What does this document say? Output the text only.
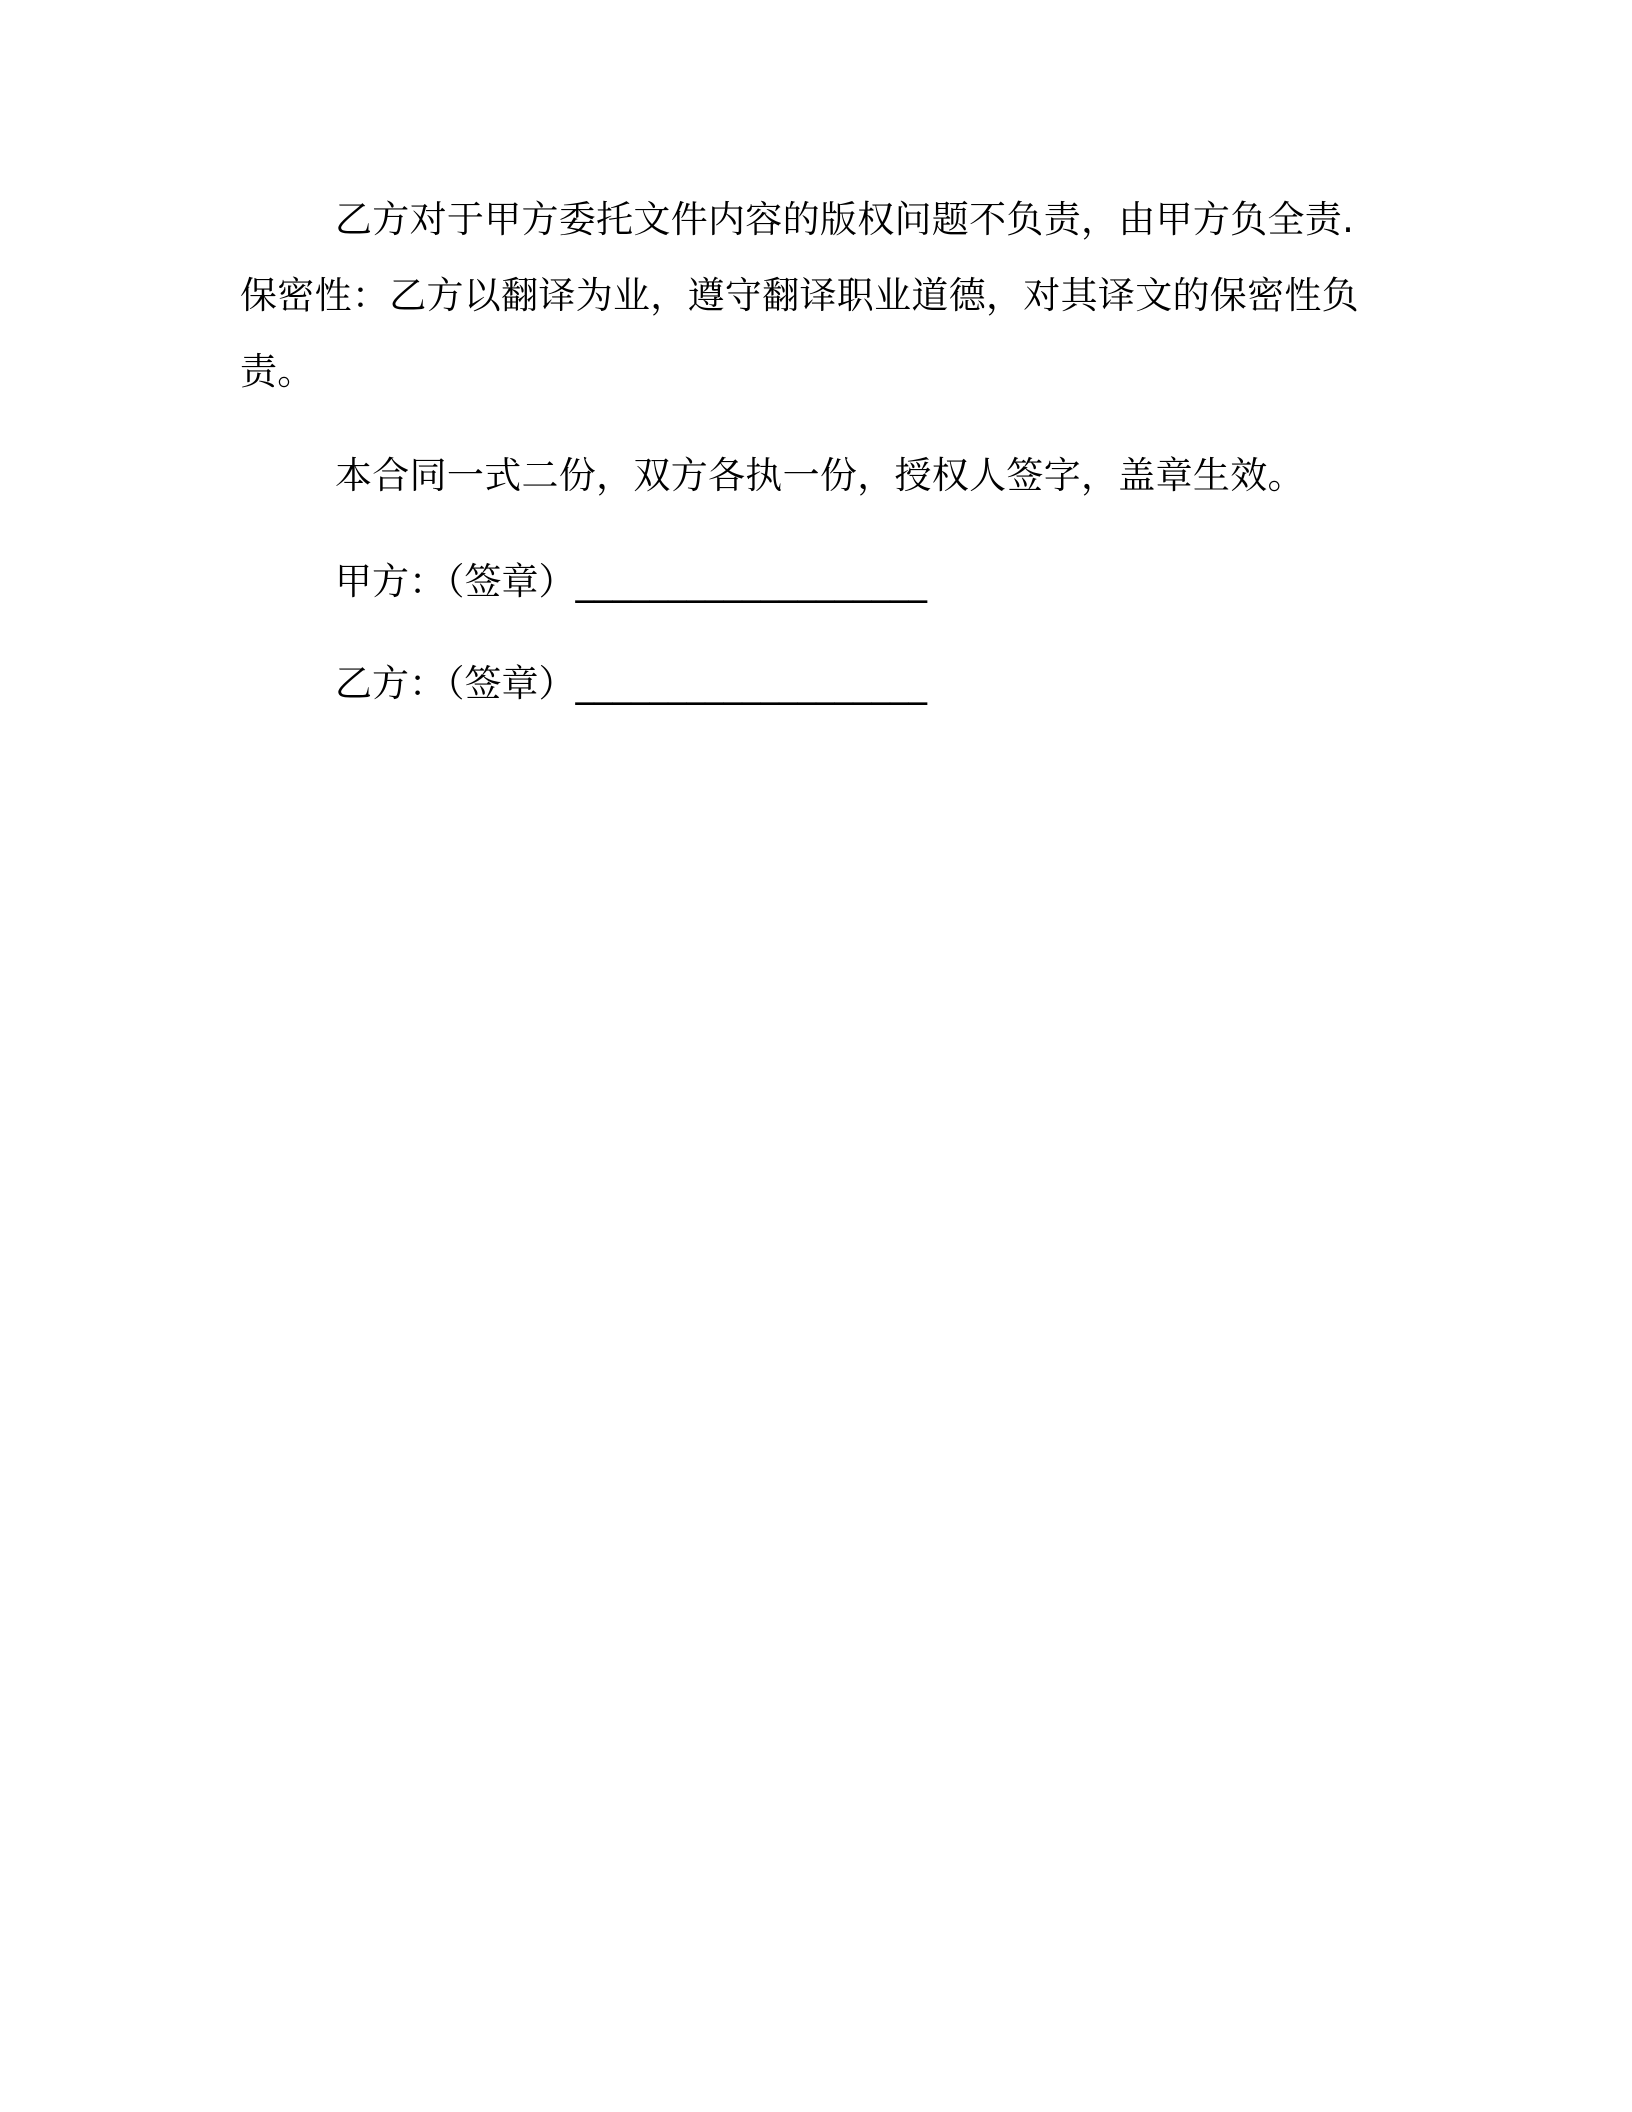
乙方对于甲方委托文件内容的版权问题不负责，由甲方负全责.保密性：乙方以翻译为业，遵守翻译职业道德，对其译文的保密性负责。

本合同一式二份，双方各执一份，授权人签字，盖章生效。

甲方：（签章）___________________

乙方：（签章）___________________
